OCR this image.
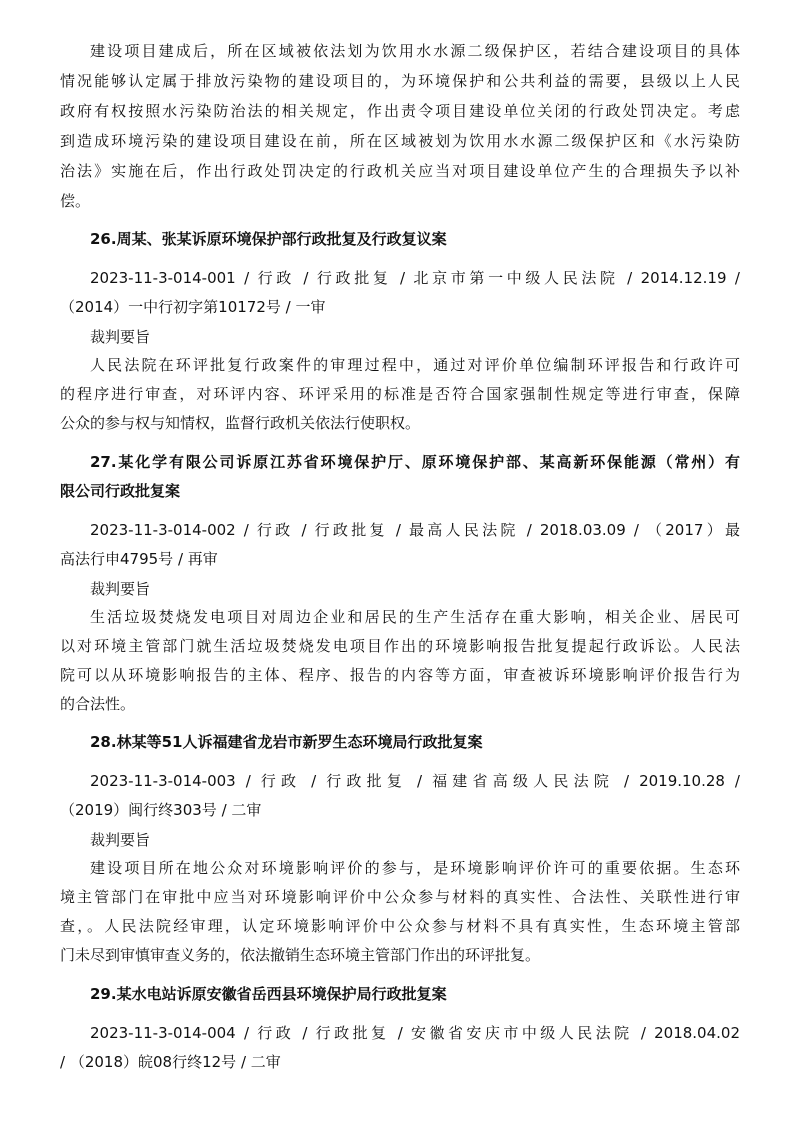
建设项目建成后，所在区域被依法划为饮用水水源二级保护区，若结合建设项目的具体
情况能够认定属于排放污染物的建设项目的，为环境保护和公共利益的需要，县级以上人民
政府有权按照水污染防治法的相关规定，作出责令项目建设单位关闭的行政处罚决定。考虑
到造成环境污染的建设项目建设在前，所在区域被划为饮用水水源二级保护区和《水污染防
治法》实施在后，作出行政处罚决定的行政机关应当对项目建设单位产生的合理损失予以补
偿。
26.周某、张某诉原环境保护部行政批复及行政复议案
2023-11-3-014-001 / 行政 / 行政批复 / 北京市第一中级人民法院 / 2014.12.19 /
（2014）一中行初字第10172号 / 一审
裁判要旨
人民法院在环评批复行政案件的审理过程中，通过对评价单位编制环评报告和行政许可
的程序进行审查，对环评内容、环评采用的标准是否符合国家强制性规定等进行审查，保障
公众的参与权与知情权，监督行政机关依法行使职权。
27.某化学有限公司诉原江苏省环境保护厅、原环境保护部、某高新环保能源（常州）有
限公司行政批复案
2023-11-3-014-002 / 行政 / 行政批复 / 最高人民法院 / 2018.03.09 / （2017）最
高法行申4795号 / 再审
裁判要旨
生活垃圾焚烧发电项目对周边企业和居民的生产生活存在重大影响，相关企业、居民可
以对环境主管部门就生活垃圾焚烧发电项目作出的环境影响报告批复提起行政诉讼。人民法
院可以从环境影响报告的主体、程序、报告的内容等方面，审查被诉环境影响评价报告行为
的合法性。
28.林某等51人诉福建省龙岩市新罗生态环境局行政批复案
2023-11-3-014-003 / 行政 / 行政批复 / 福建省高级人民法院 / 2019.10.28 /
（2019）闽行终303号 / 二审
裁判要旨
建设项目所在地公众对环境影响评价的参与，是环境影响评价许可的重要依据。生态环
境主管部门在审批中应当对环境影响评价中公众参与材料的真实性、合法性、关联性进行审
查，。人民法院经审理，认定环境影响评价中公众参与材料不具有真实性，生态环境主管部
门未尽到审慎审查义务的，依法撤销生态环境主管部门作出的环评批复。
29.某水电站诉原安徽省岳西县环境保护局行政批复案
2023-11-3-014-004 / 行政 / 行政批复 / 安徽省安庆市中级人民法院 / 2018.04.02
/ （2018）皖08行终12号 / 二审
